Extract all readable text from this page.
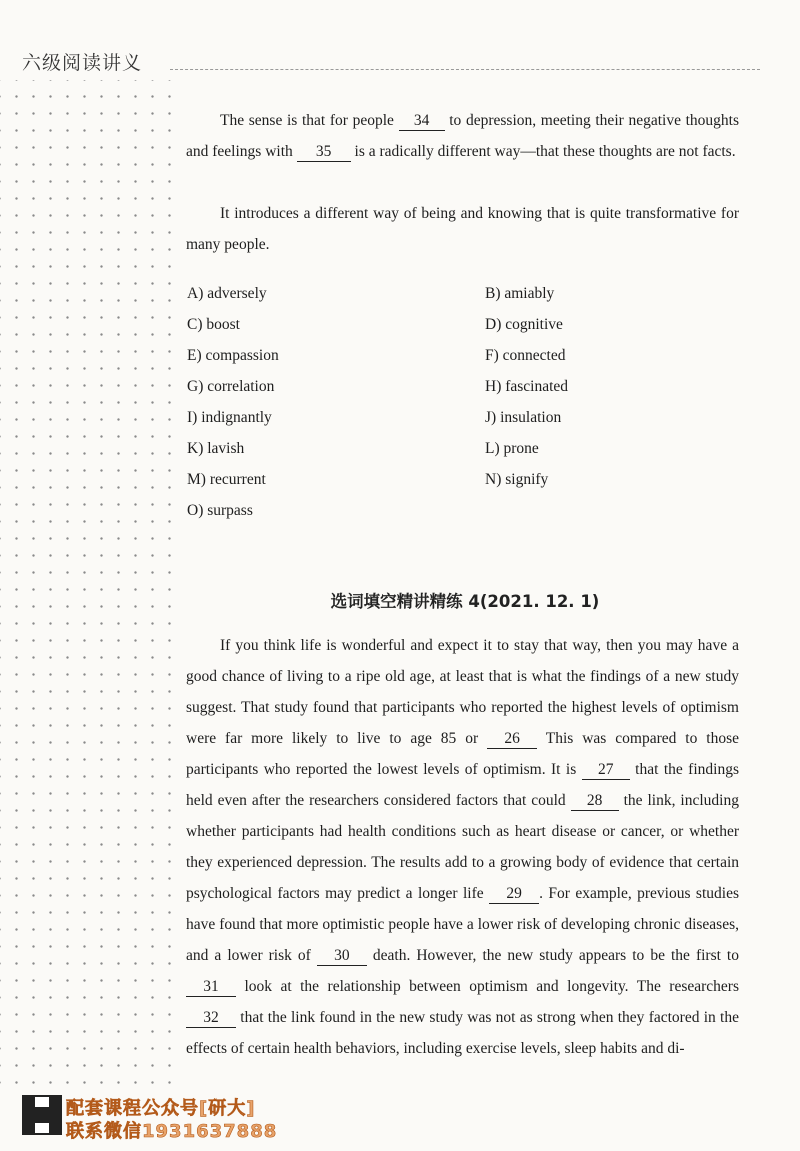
六级阅读讲义

The sense is that for people 34 to depression, meeting their negative thoughts and feelings with 35 is a radically different way—that these thoughts are not facts.

It introduces a different way of being and knowing that is quite transformative for many people.

A) adversely	B) amiably
C) boost	D) cognitive
E) compassion	F) connected
G) correlation	H) fascinated
I) indignantly	J) insulation
K) lavish	L) prone
M) recurrent	N) signify
O) surpass
选词填空精讲精练 4(2021. 12. 1)

If you think life is wonderful and expect it to stay that way, then you may have a good chance of living to a ripe old age, at least that is what the findings of a new study suggest. That study found that participants who reported the highest levels of optimism were far more likely to live to age 85 or 26 This was compared to those participants who reported the lowest levels of optimism. It is 27 that the findings held even after the researchers considered factors that could 28 the link, including whether participants had health conditions such as heart disease or cancer, or whether they experienced depression. The results add to a growing body of evidence that certain psychological factors may predict a longer life 29 . For example, previous studies have found that more optimistic people have a lower risk of developing chronic diseases, and a lower risk of 30 death. However, the new study appears to be the first to 31 look at the relationship between optimism and longevity. The researchers 32 that the link found in the new study was not as strong when they factored in the effects of certain health behaviors, including exercise levels, sleep habits and di-

配套课程公众号[研大]
联系微信1931637888
